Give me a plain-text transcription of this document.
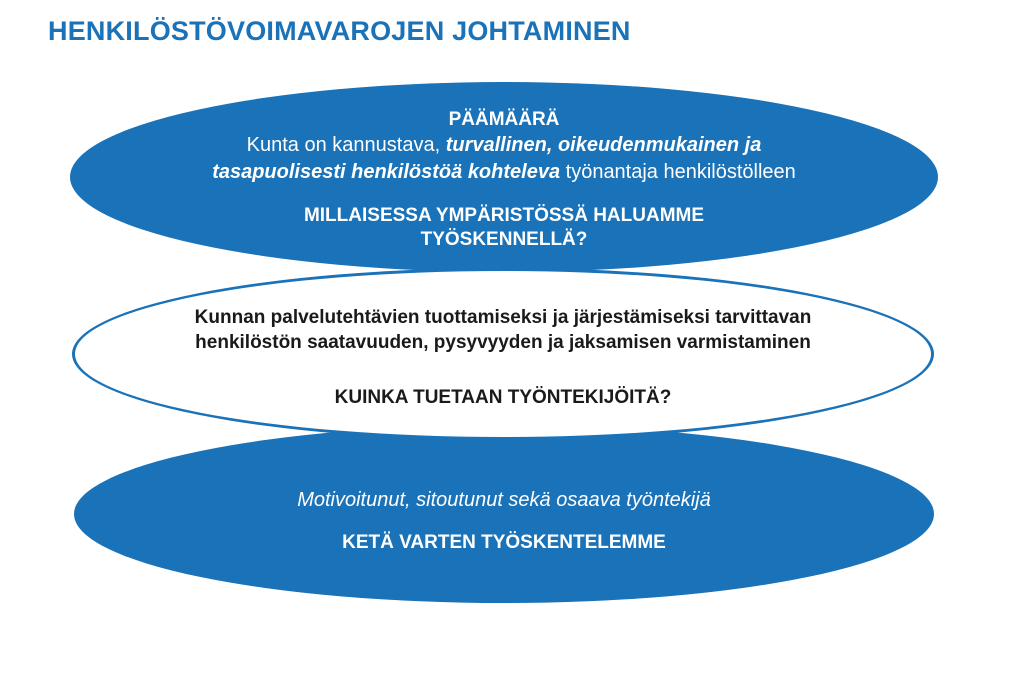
HENKILÖSTÖVOIMAVAROJEN JOHTAMINEN
PÄÄMÄÄRÄ
Kunta on kannustava, turvallinen, oikeudenmukainen ja
tasapuolisesti henkilöstöä kohteleva työnantaja henkilöstölleen
MILLAISESSA YMPÄRISTÖSSÄ HALUAMME
TYÖSKENNELLÄ?
Motivoitunut, sitoutunut sekä osaava työntekijä
KETÄ VARTEN TYÖSKENTELEMME
Kunnan palvelutehtävien tuottamiseksi ja järjestämiseksi tarvittavan
henkilöstön saatavuuden, pysyvyyden ja jaksamisen varmistaminen
KUINKA TUETAAN TYÖNTEKIJÖITÄ?
